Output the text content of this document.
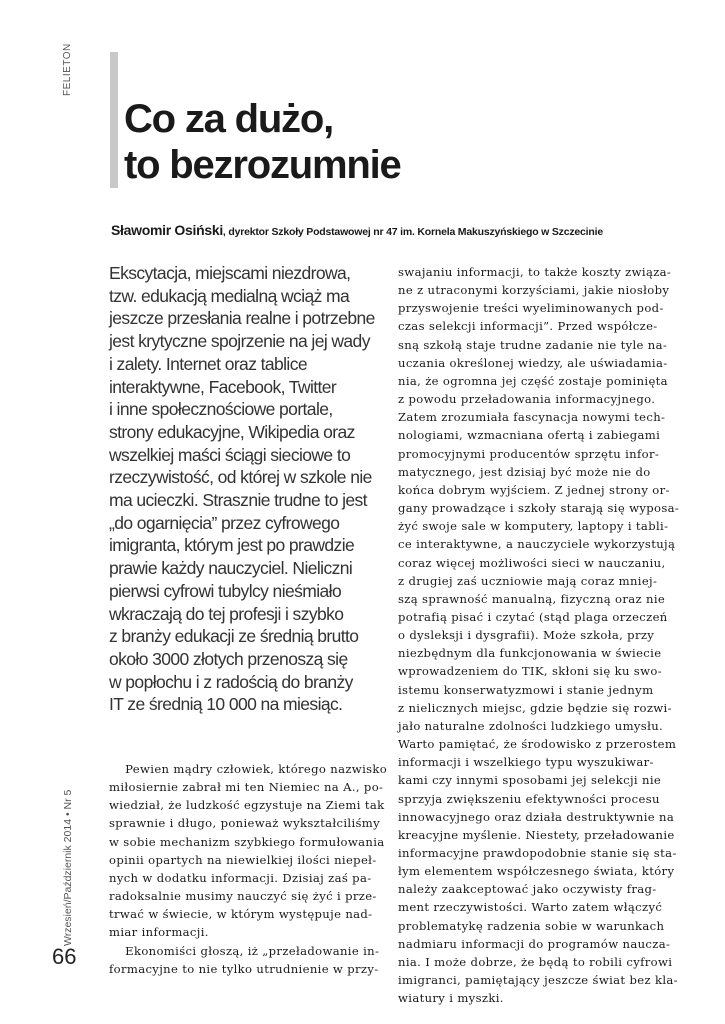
FELIETON
Wrzesień/Październik 2014 • Nr 5
66
Co za dużo,
to bezrozumnie
Sławomir Osiński, dyrektor Szkoły Podstawowej nr 47 im. Kornela Makuszyńskiego w Szczecinie
Ekscytacja, miejscami niezdrowa,
tzw. edukacją medialną wciąż ma
jeszcze przesłania realne i potrzebne
jest krytyczne spojrzenie na jej wady
i zalety. Internet oraz tablice
interaktywne, Facebook, Twitter
i inne społecznościowe portale,
strony edukacyjne, Wikipedia oraz
wszelkiej maści ściągi sieciowe to
rzeczywistość, od której w szkole nie
ma ucieczki. Strasznie trudne to jest
„do ogarnięcia” przez cyfrowego
imigranta, którym jest po prawdzie
prawie każdy nauczyciel. Nieliczni
pierwsi cyfrowi tubylcy nieśmiało
wkraczają do tej profesji i szybko
z branży edukacji ze średnią brutto
około 3000 złotych przenoszą się
w popłochu i z radością do branży
IT ze średnią 10 000 na miesiąc.
Pewien mądry człowiek, którego nazwisko
miłosiernie zabrał mi ten Niemiec na A., po-
wiedział, że ludzkość egzystuje na Ziemi tak
sprawnie i długo, ponieważ wykształciliśmy
w sobie mechanizm szybkiego formułowania
opinii opartych na niewielkiej ilości niepeł-
nych w dodatku informacji. Dzisiaj zaś pa-
radoksalnie musimy nauczyć się żyć i prze-
trwać w świecie, w którym występuje nad-
miar informacji.
Ekonomiści głoszą, iż „przeładowanie in-
formacyjne to nie tylko utrudnienie w przy-
swajaniu informacji, to także koszty związa-
ne z utraconymi korzyściami, jakie niosłoby
przyswojenie treści wyeliminowanych pod-
czas selekcji informacji”. Przed współcze-
sną szkołą staje trudne zadanie nie tyle na-
uczania określonej wiedzy, ale uświadamia-
nia, że ogromna jej część zostaje pominięta
z powodu przeładowania informacyjnego.
Zatem zrozumiała fascynacja nowymi tech-
nologiami, wzmacniana ofertą i zabiegami
promocyjnymi producentów sprzętu infor-
matycznego, jest dzisiaj być może nie do
końca dobrym wyjściem. Z jednej strony or-
gany prowadzące i szkoły starają się wyposa-
żyć swoje sale w komputery, laptopy i tabli-
ce interaktywne, a nauczyciele wykorzystują
coraz więcej możliwości sieci w nauczaniu,
z drugiej zaś uczniowie mają coraz mniej-
szą sprawność manualną, fizyczną oraz nie
potrafią pisać i czytać (stąd plaga orzeczeń
o dysleksji i dysgrafii). Może szkoła, przy
niezbędnym dla funkcjonowania w świecie
wprowadzeniem do TIK, skłoni się ku swo-
istemu konserwatyzmowi i stanie jednym
z nielicznych miejsc, gdzie będzie się rozwi-
jało naturalne zdolności ludzkiego umysłu.
Warto pamiętać, że środowisko z przerostem
informacji i wszelkiego typu wyszukiwar-
kami czy innymi sposobami jej selekcji nie
sprzyja zwiększeniu efektywności procesu
innowacyjnego oraz działa destruktywnie na
kreacyjne myślenie. Niestety, przeładowanie
informacyjne prawdopodobnie stanie się sta-
łym elementem współczesnego świata, który
należy zaakceptować jako oczywisty frag-
ment rzeczywistości. Warto zatem włączyć
problematykę radzenia sobie w warunkach
nadmiaru informacji do programów naucza-
nia. I może dobrze, że będą to robili cyfrowi
imigranci, pamiętający jeszcze świat bez kla-
wiatury i myszki.
